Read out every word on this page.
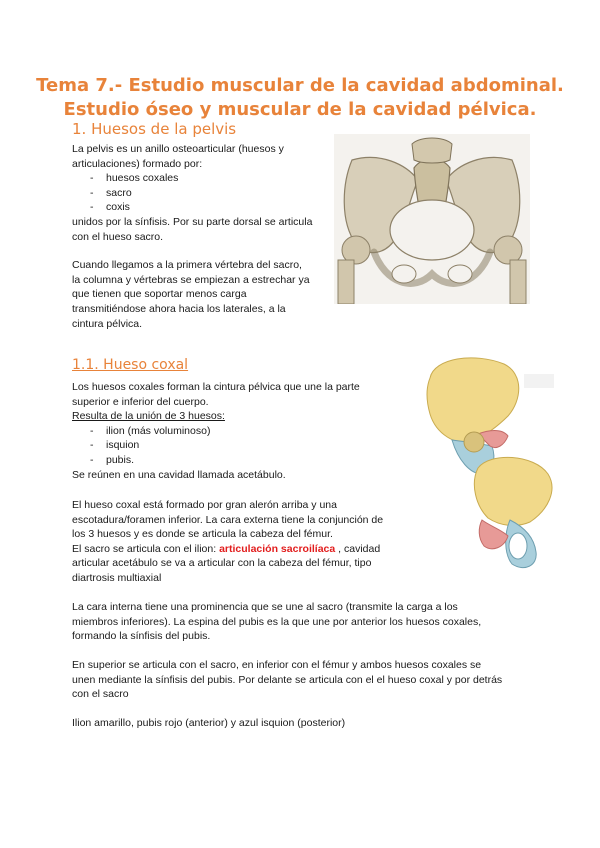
Tema 7.- Estudio muscular de la cavidad abdominal.
Estudio óseo y muscular de la cavidad pélvica.
1. Huesos de la pelvis

La pelvis es un anillo osteoarticular (huesos y

articulaciones) formado por:

- huesos coxales
- sacro
- coxis

unidos por la sínfisis. Por su parte dorsal se articula

con el hueso sacro.

Cuando llegamos a la primera vértebra del sacro,

la columna y vértebras se empiezan a estrechar ya

que tienen que soportar menos carga

transmitiéndose ahora hacia los laterales, a la

cintura pélvica.

1.1. Hueso coxal

Los huesos coxales forman la cintura pélvica que une la parte

superior e inferior del cuerpo.

Resulta de la unión de 3 huesos:

- ilion (más voluminoso)
- isquion
- pubis.

Se reúnen en una cavidad llamada acetábulo.

El hueso coxal está formado por gran alerón arriba y una

escotadura/foramen inferior. La cara externa tiene la conjunción de

los 3 huesos y es donde se articula la cabeza del fémur.

El sacro se articula con el ilion: articulación sacroilíaca , cavidad

articular acetábulo se va a articular con la cabeza del fémur, tipo

diartrosis multiaxial

La cara interna tiene una prominencia que se une al sacro (transmite la carga a los

miembros inferiores). La espina del pubis es la que une por anterior los huesos coxales,

formando la sínfisis del pubis.

En superior se articula con el sacro, en inferior con el fémur y ambos huesos coxales se

unen mediante la sínfisis del pubis. Por delante se articula con el el hueso coxal y por detrás

con el sacro

Ilion amarillo, pubis rojo (anterior) y azul isquion (posterior)
